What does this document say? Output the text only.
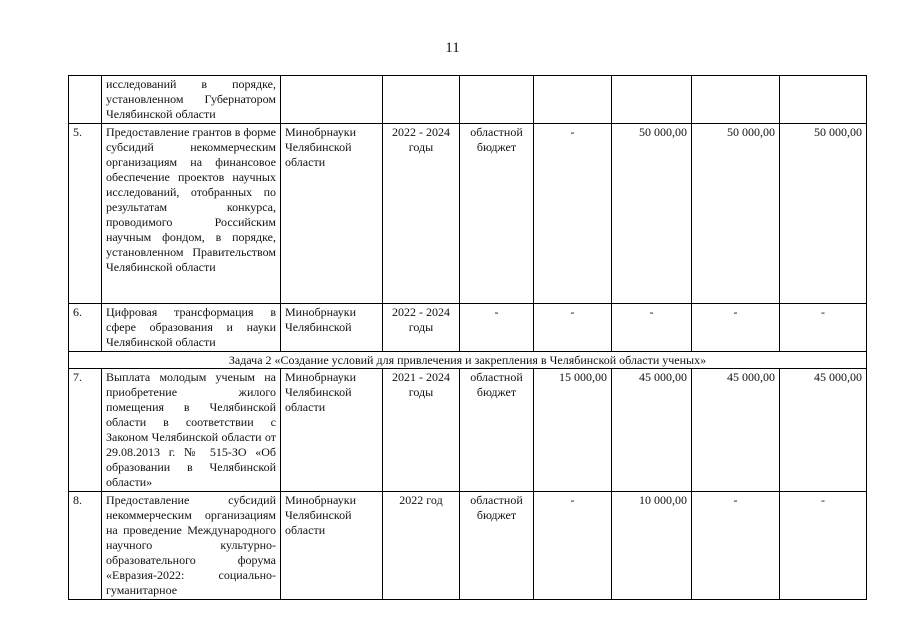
11
	исследований в порядке, установленном Губернатором Челябинской области							
5.	Предоставление грантов в форме субсидий некоммерческим организациям на финансовое обеспечение проектов научных исследований, отобранных по результатам конкурса, проводимого Российским научным фондом, в порядке, установленном Правительством Челябинской области	Минобрнауки Челябинской области	2022 - 2024 годы	областной бюджет	-	50 000,00	50 000,00	50 000,00
6.	Цифровая трансформация в сфере образования и науки Челябинской области	Минобрнауки Челябинской	2022 - 2024 годы	-	-	-	-	-
Задача 2 «Создание условий для привлечения и закрепления в Челябинской области ученых»								
7.	Выплата молодым ученым на приобретение жилого помещения в Челябинской области в соответствии с Законом Челябинской области от 29.08.2013 г. № 515-ЗО «Об образовании в Челябинской области»	Минобрнауки Челябинской области	2021 - 2024 годы	областной бюджет	15 000,00	45 000,00	45 000,00	45 000,00
8.	Предоставление субсидий некоммерческим организациям на проведение Международного научного культурно-образовательного форума «Евразия-2022: социально-гуманитарное	Минобрнауки Челябинской области	2022 год	областной бюджет	-	10 000,00	-	-
